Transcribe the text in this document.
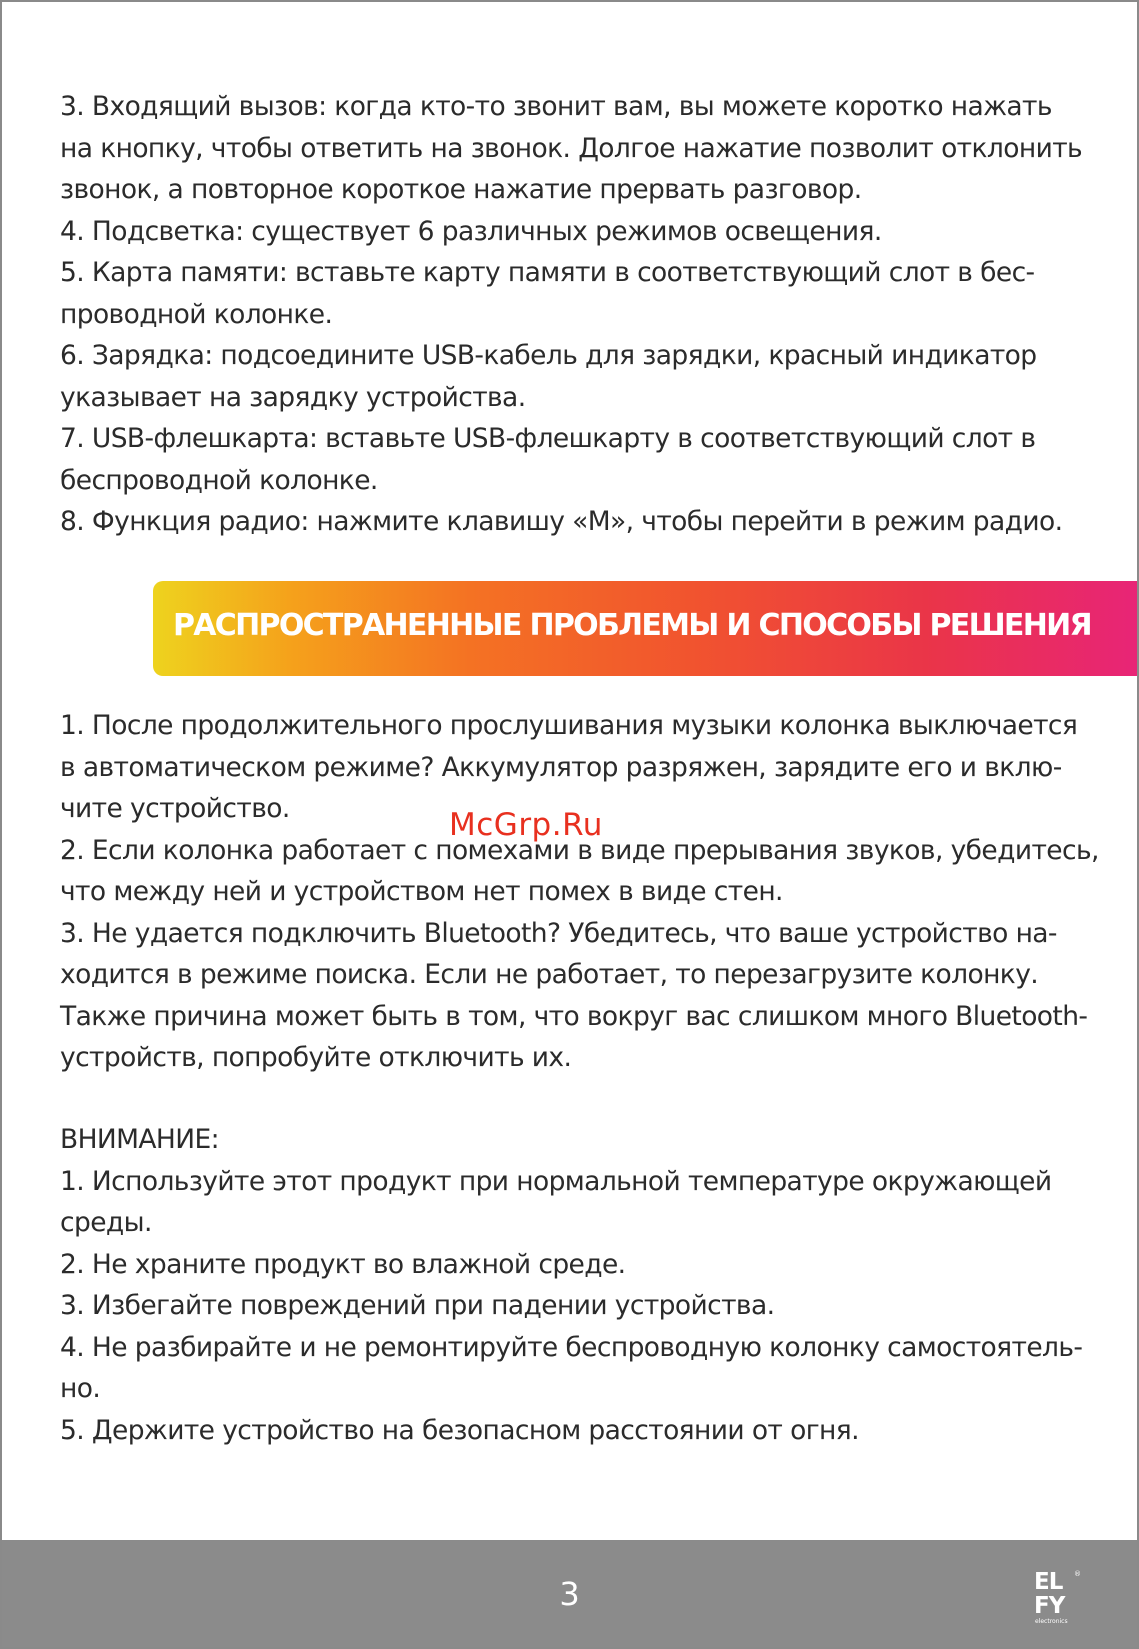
3. Входящий вызов: когда кто-то звонит вам, вы можете коротко нажать
на кнопку, чтобы ответить на звонок. Долгое нажатие позволит отклонить
звонок, а повторное короткое нажатие прервать разговор.
4. Подсветка: существует 6 различных режимов освещения.
5. Карта памяти: вставьте карту памяти в соответствующий слот в бес-
проводной колонке.
6. Зарядка: подсоедините USB-кабель для зарядки, красный индикатор
указывает на зарядку устройства.
7. USB-флешкарта: вставьте USB-флешкарту в соответствующий слот в
беспроводной колонке.
8. Функция радио: нажмите клавишу «М», чтобы перейти в режим радио.
РАСПРОСТРАНЕННЫЕ ПРОБЛЕМЫ И СПОСОБЫ РЕШЕНИЯ
1. После продолжительного прослушивания музыки колонка выключается
в автоматическом режиме? Аккумулятор разряжен, зарядите его и вклю-
чите устройство.
2. Если колонка работает с помехами в виде прерывания звуков, убедитесь,
что между ней и устройством нет помех в виде стен.
3. Не удается подключить Bluetooth? Убедитесь, что ваше устройство на-
ходится в режиме поиска. Если не работает, то перезагрузите колонку.
Также причина может быть в том, что вокруг вас слишком много Bluetooth-
устройств, попробуйте отключить их.
McGrp.Ru
ВНИМАНИЕ:
1. Используйте этот продукт при нормальной температуре окружающей
среды.
2. Не храните продукт во влажной среде.
3. Избегайте повреждений при падении устройства.
4. Не разбирайте и не ремонтируйте беспроводную колонку самостоятель-
но.
5. Держите устройство на безопасном расстоянии от огня.
3	EL ®
FY
electronics
